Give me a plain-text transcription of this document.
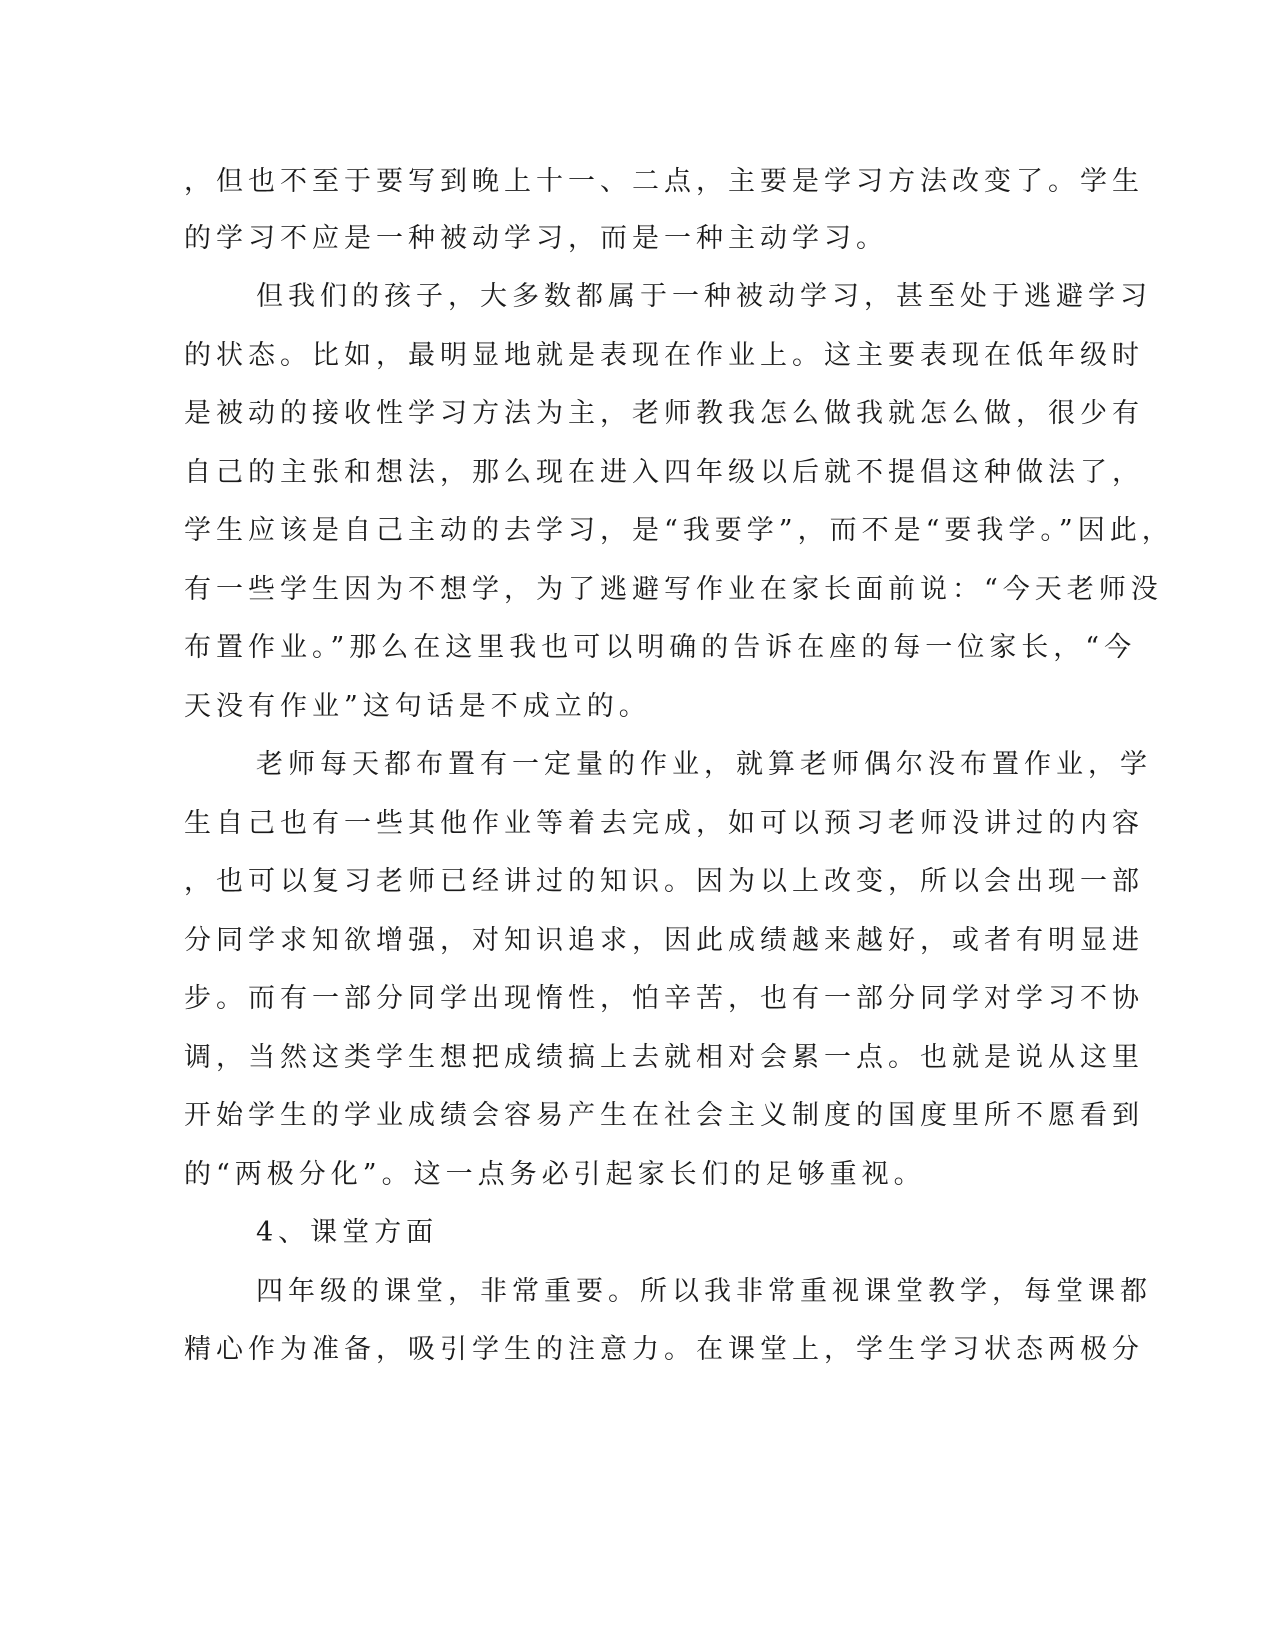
，但也不至于要写到晚上十一、二点，主要是学习方法改变了。学生
的学习不应是一种被动学习，而是一种主动学习。
但我们的孩子，大多数都属于一种被动学习，甚至处于逃避学习
的状态。比如，最明显地就是表现在作业上。这主要表现在低年级时
是被动的接收性学习方法为主，老师教我怎么做我就怎么做，很少有
自己的主张和想法，那么现在进入四年级以后就不提倡这种做法了，
学生应该是自己主动的去学习，是“我要学”，而不是“要我学。”因此，
有一些学生因为不想学，为了逃避写作业在家长面前说：“今天老师没
布置作业。”那么在这里我也可以明确的告诉在座的每一位家长，“今
天没有作业”这句话是不成立的。
老师每天都布置有一定量的作业，就算老师偶尔没布置作业，学
生自己也有一些其他作业等着去完成，如可以预习老师没讲过的内容
，也可以复习老师已经讲过的知识。因为以上改变，所以会出现一部
分同学求知欲增强，对知识追求，因此成绩越来越好，或者有明显进
步。而有一部分同学出现惰性，怕辛苦，也有一部分同学对学习不协
调，当然这类学生想把成绩搞上去就相对会累一点。也就是说从这里
开始学生的学业成绩会容易产生在社会主义制度的国度里所不愿看到
的“两极分化”。这一点务必引起家长们的足够重视。
4、课堂方面
四年级的课堂，非常重要。所以我非常重视课堂教学，每堂课都
精心作为准备，吸引学生的注意力。在课堂上，学生学习状态两极分
